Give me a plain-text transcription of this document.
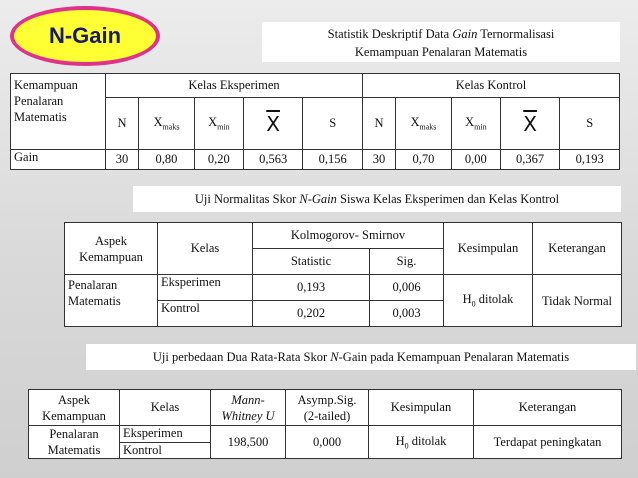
N-Gain	Statistik Deskriptif Data Gain Ternormalisasi
Kemampuan Penalaran Matematis
Kemampuan Penalaran Matematis	Kelas Eksperimen					Kelas Kontrol				
	N	$X_{maks}$	$X_{min}$	$\overline{X}$	S	N	$X_{maks}$	$X_{min}$	$\overline{X}$	S
Gain	30	0,80	0,20	0,563	0,156	30	0,70	0,00	0,367	0,193
Uji Normalitas Skor N-Gain Siswa Kelas Eksperimen dan Kelas Kontrol
Aspek Kemampuan	Kelas	Kolmogorov- Smirnov		Kesimpulan	Keterangan
		Statistic	Sig.		
Penalaran Matematis	Eksperimen	0,193	0,006	$H_0$ ditolak	Tidak Normal
	Kontrol	0,202	0,003		
Uji perbedaan Dua Rata-Rata Skor N-Gain pada Kemampuan Penalaran Matematis
Aspek Kemampuan	Kelas	Mann-Whitney U	Asymp.Sig. (2-tailed)	Kesimpulan	Keterangan
Penalaran Matematis	Eksperimen	198,500	0,000	$H_0$ ditolak	Terdapat peningkatan
	Kontrol				
